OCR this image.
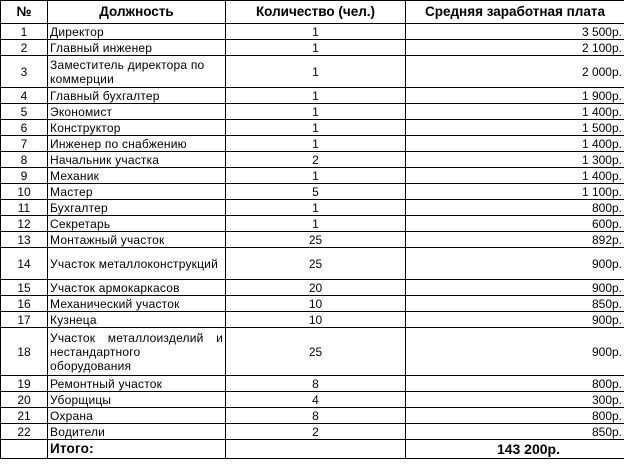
№	Должность	Количество (чел.)	Средняя заработная плата
1	Директор	1	3 500р.
2	Главный инженер	1	2 100р.
3	Заместитель директора по коммерции	1	2 000р.
4	Главный бухгалтер	1	1 900р.
5	Экономист	1	1 400р.
6	Конструктор	1	1 500р.
7	Инженер по снабжению	1	1 400р.
8	Начальник участка	2	1 300р.
9	Механик	1	1 400р.
10	Мастер	5	1 100р.
11	Бухгалтер	1	800р.
12	Секретарь	1	600р.
13	Монтажный участок	25	892р.
14	Участок металлоконструкций	25	900р.
15	Участок армокаркасов	20	900р.
16	Механический участок	10	850р.
17	Кузнеца	10	900р.
18	Участок металлоизделий и нестандартного оборудования	25	900р.
19	Ремонтный участок	8	800р.
20	Уборщицы	4	300р.
21	Охрана	8	800р.
22	Водители	2	850р.
	Итого:		143 200р.
